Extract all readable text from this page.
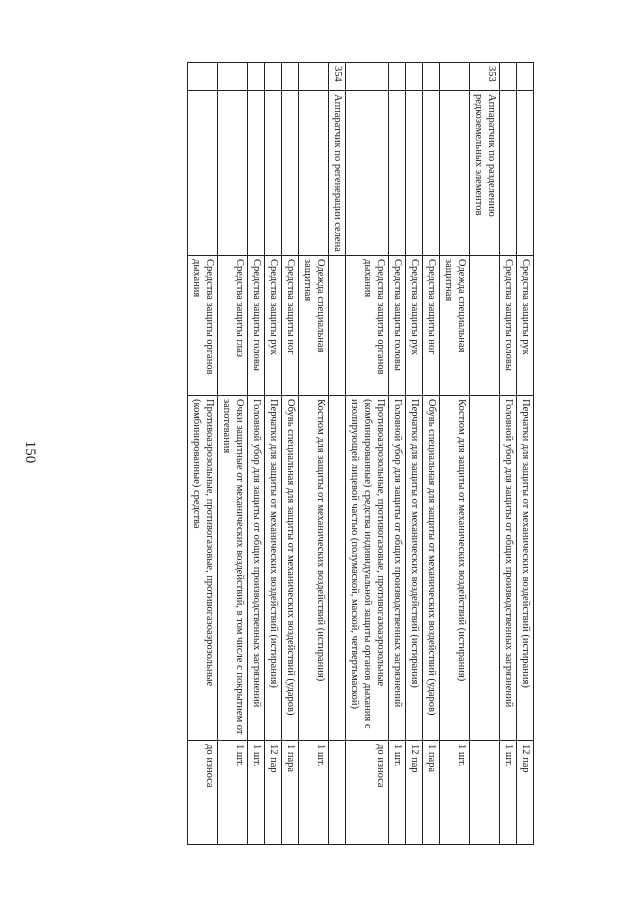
150
		Средства защиты рук	Перчатки для защиты от механических воздействий (истирания)	12 пар
		Средства защиты головы	Головной убор для защиты от общих производственных загрязнений	1 шт.
353	Аппаратчик по разделению редкоземельных элементов			
		Одежда специальная защитная	Костюм для защиты от механических воздействий (истирания)	1 шт.
		Средства защиты ног	Обувь специальная для защиты от механических воздействий (ударов)	1 пара
		Средства защиты рук	Перчатки для защиты от механических воздействий (истирания)	12 пар
		Средства защиты головы	Головной убор для защиты от общих производственных загрязнений	1 шт.
		Средства защиты органов дыхания	Противоаэрозольные, противогазовые, противогазоаэрозольные (комбинированные) средства индивидуальной защиты органов дыхания с изолирующей лицевой частью (полумаской, маской, четвертьмаской)	до износа
354	Аппаратчик по регенерации селена			
		Одежда специальная защитная	Костюм для защиты от механических воздействий (истирания)	1 шт.
		Средства защиты ног	Обувь специальная для защиты от механических воздействий (ударов)	1 пара
		Средства защиты рук	Перчатки для защиты от механических воздействий (истирания)	12 пар
		Средства защиты головы	Головной убор для защиты от общих производственных загрязнений	1 шт.
		Средства защиты глаз	Очки защитные от механических воздействий, в том числе с покрытием от запотевания	1 шт.
		Средства защиты органов дыхания	Противоаэрозольные, противогазовые, противогазоаэрозольные (комбинированные) средства	до износа
